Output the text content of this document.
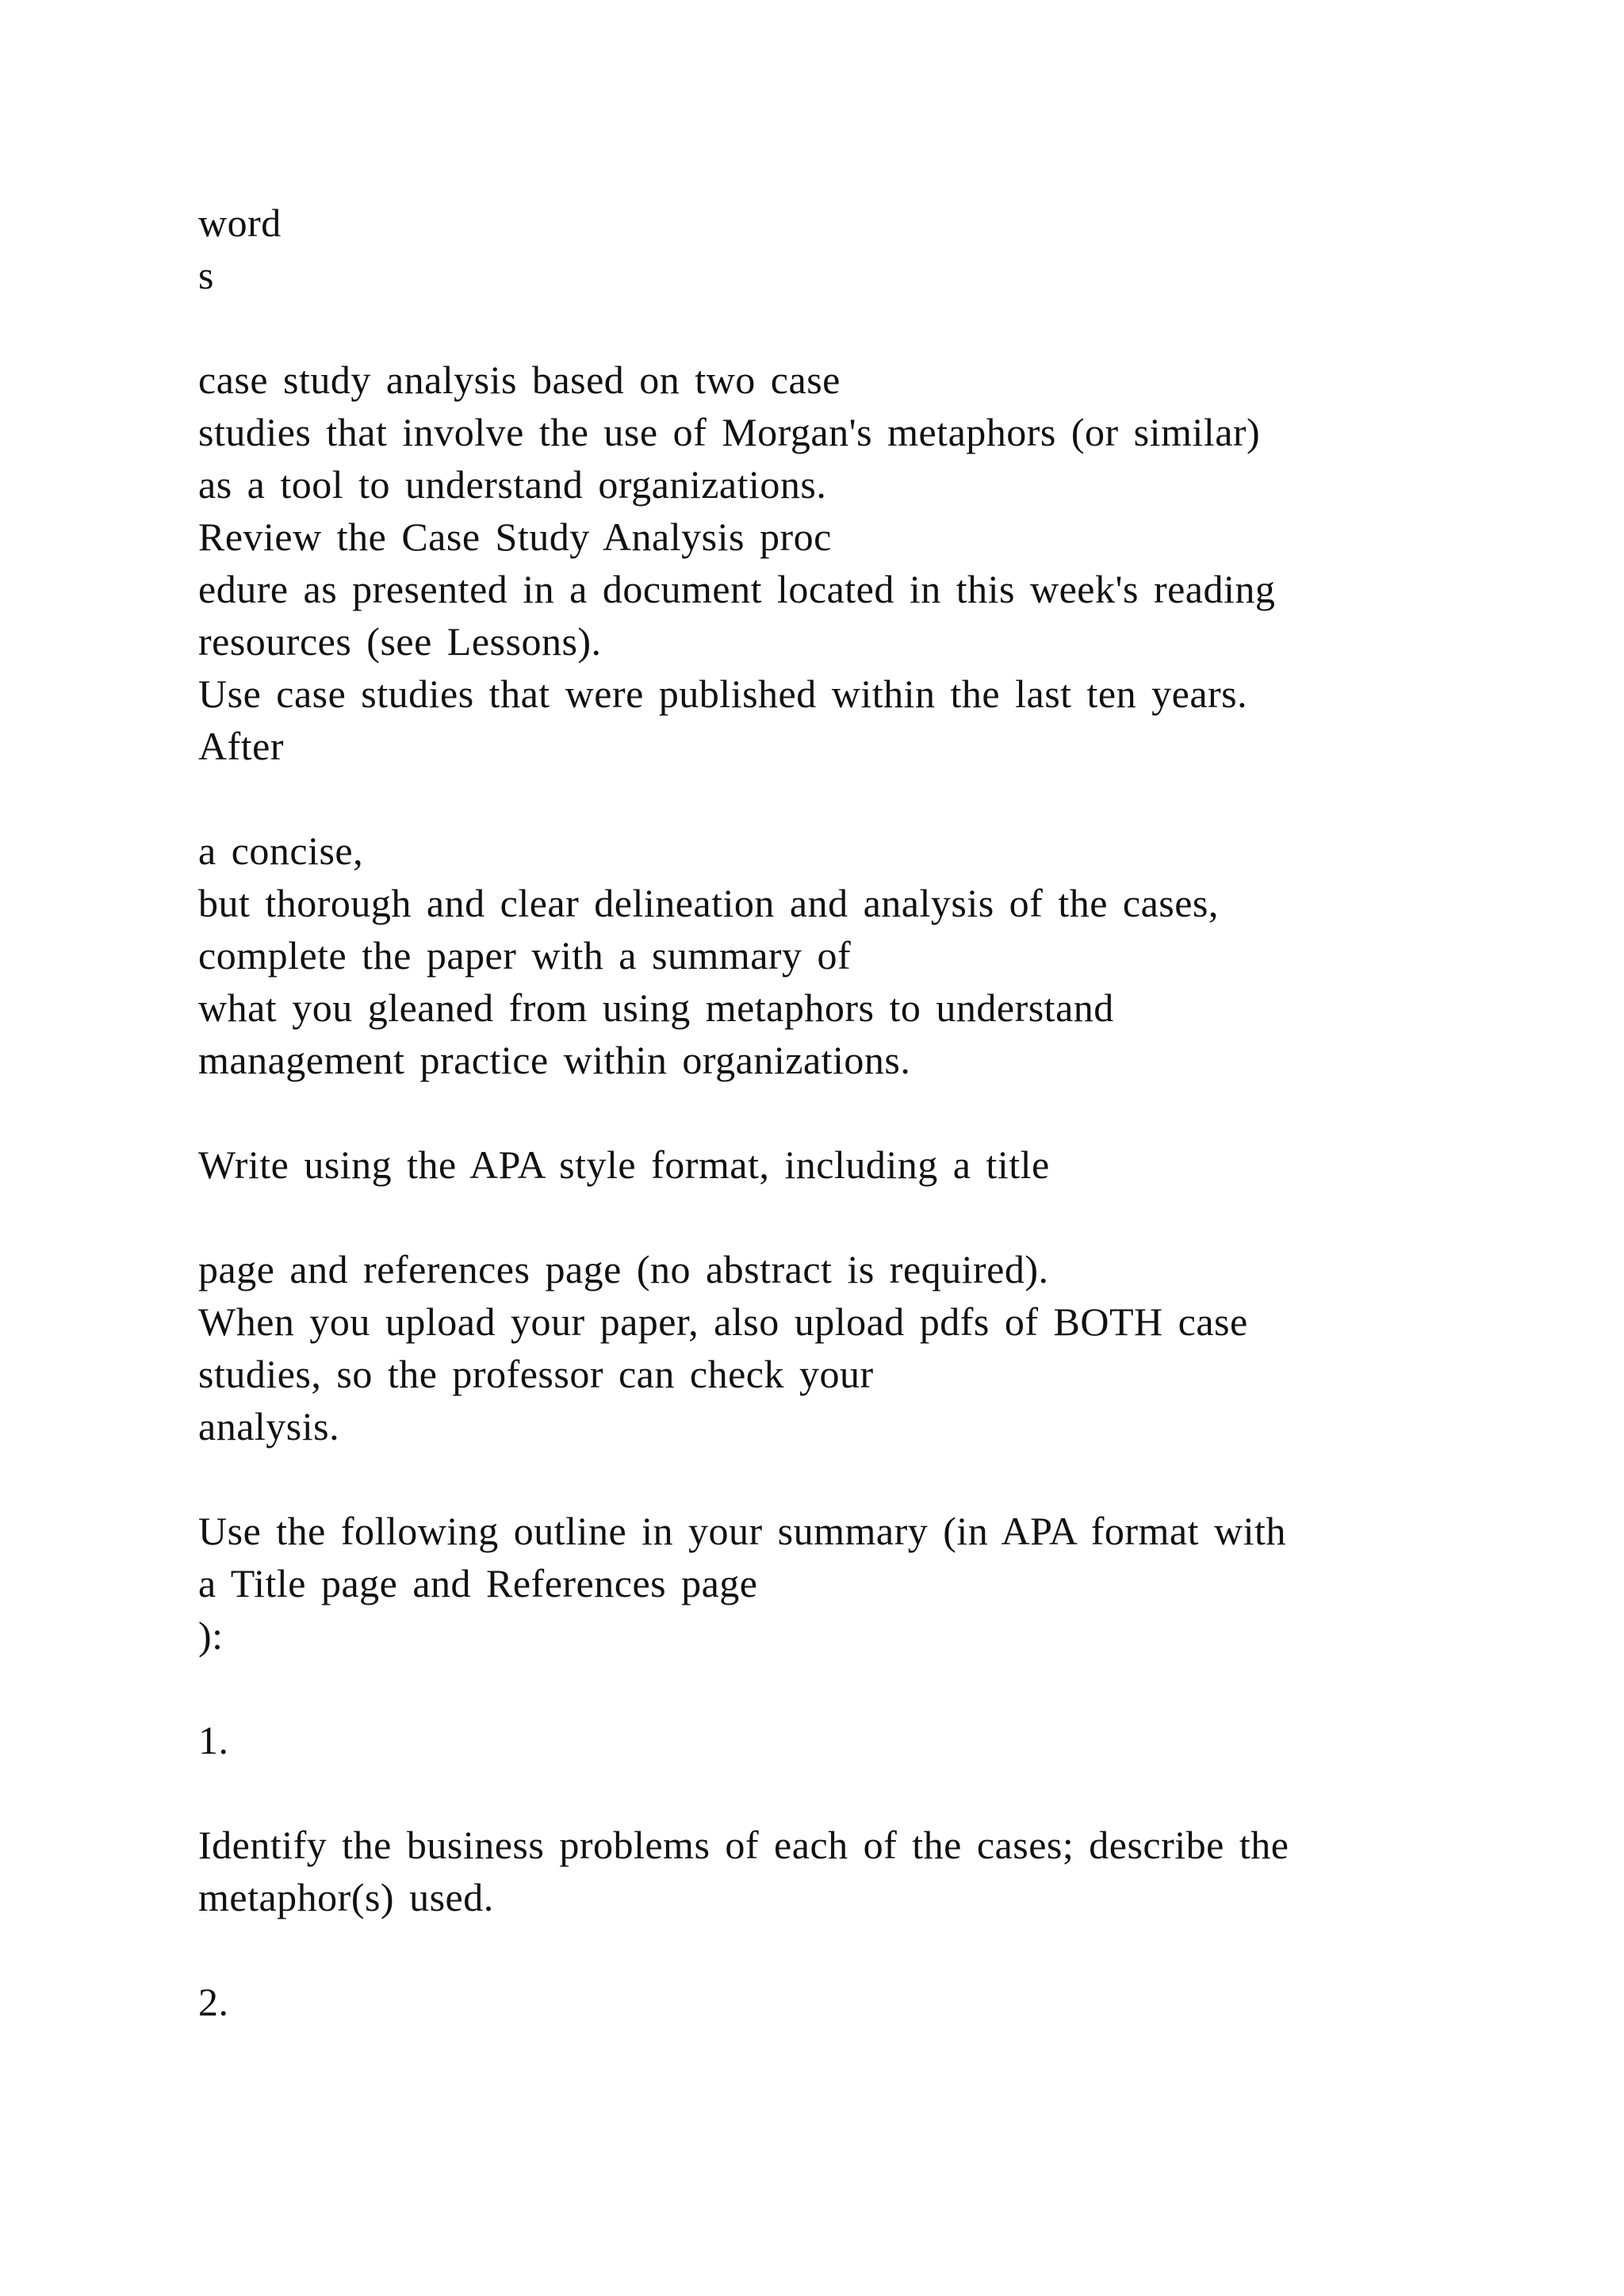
word
s
case study analysis based on two case
studies that involve the use of Morgan's metaphors (or similar)
as a tool to understand organizations.
Review the Case Study Analysis proc
edure as presented in a document located in this week's reading
resources (see Lessons).
Use case studies that were published within the last ten years.
After
a concise,
but thorough and clear delineation and analysis of the cases,
complete the paper with a summary of
what you gleaned from using metaphors to understand
management practice within organizations.
Write using the APA style format, including a title
page and references page (no abstract is required).
When you upload your paper, also upload pdfs of BOTH case
studies, so the professor can check your
analysis.
Use the following outline in your summary (in APA format with
a Title page and References page
):
1.
Identify the business problems of each of the cases; describe the
metaphor(s) used.
2.
